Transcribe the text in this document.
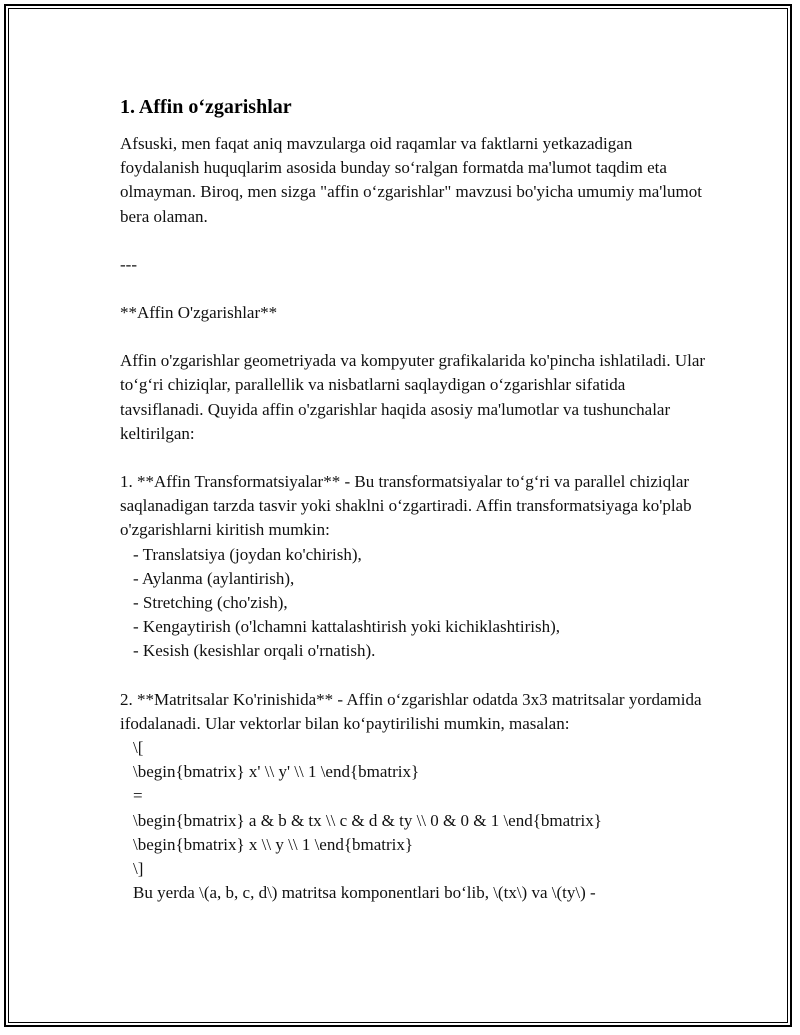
1. Affin o‘zgarishlar

Afsuski, men faqat aniq mavzularga oid raqamlar va faktlarni yetkazadigan foydalanish huquqlarim asosida bunday so‘ralgan formatda ma'lumot taqdim eta olmayman. Biroq, men sizga "affin o‘zgarishlar" mavzusi bo'yicha umumiy ma'lumot bera olaman.

---

**Affin O'zgarishlar**

Affin o'zgarishlar geometriyada va kompyuter grafikalarida ko'pincha ishlatiladi. Ular to‘g‘ri chiziqlar, parallellik va nisbatlarni saqlaydigan o‘zgarishlar sifatida tavsiflanadi. Quyida affin o'zgarishlar haqida asosiy ma'lumotlar va tushunchalar keltirilgan:

1. **Affin Transformatsiyalar** - Bu transformatsiyalar to‘g‘ri va parallel chiziqlar saqlanadigan tarzda tasvir yoki shaklni o‘zgartiradi. Affin transformatsiyaga ko'plab o'zgarishlarni kiritish mumkin:
- Translatsiya (joydan ko'chirish),
- Aylanma (aylantirish),
- Stretching (cho'zish),
- Kengaytirish (o'lchamni kattalashtirish yoki kichiklashtirish),
- Kesish (kesishlar orqali o'rnatish).
2. **Matritsalar Ko'rinishida** - Affin o‘zgarishlar odatda 3x3 matritsalar yordamida ifodalanadi. Ular vektorlar bilan ko‘paytirilishi mumkin, masalan:
\[
\begin{bmatrix} x' \\ y' \\ 1 \end{bmatrix}
=
\begin{bmatrix} a & b & tx \\ c & d & ty \\ 0 & 0 & 1 \end{bmatrix}
\begin{bmatrix} x \\ y \\ 1 \end{bmatrix}
\]
Bu yerda \(a, b, c, d\) matritsa komponentlari bo‘lib, \(tx\) va \(ty\) -
